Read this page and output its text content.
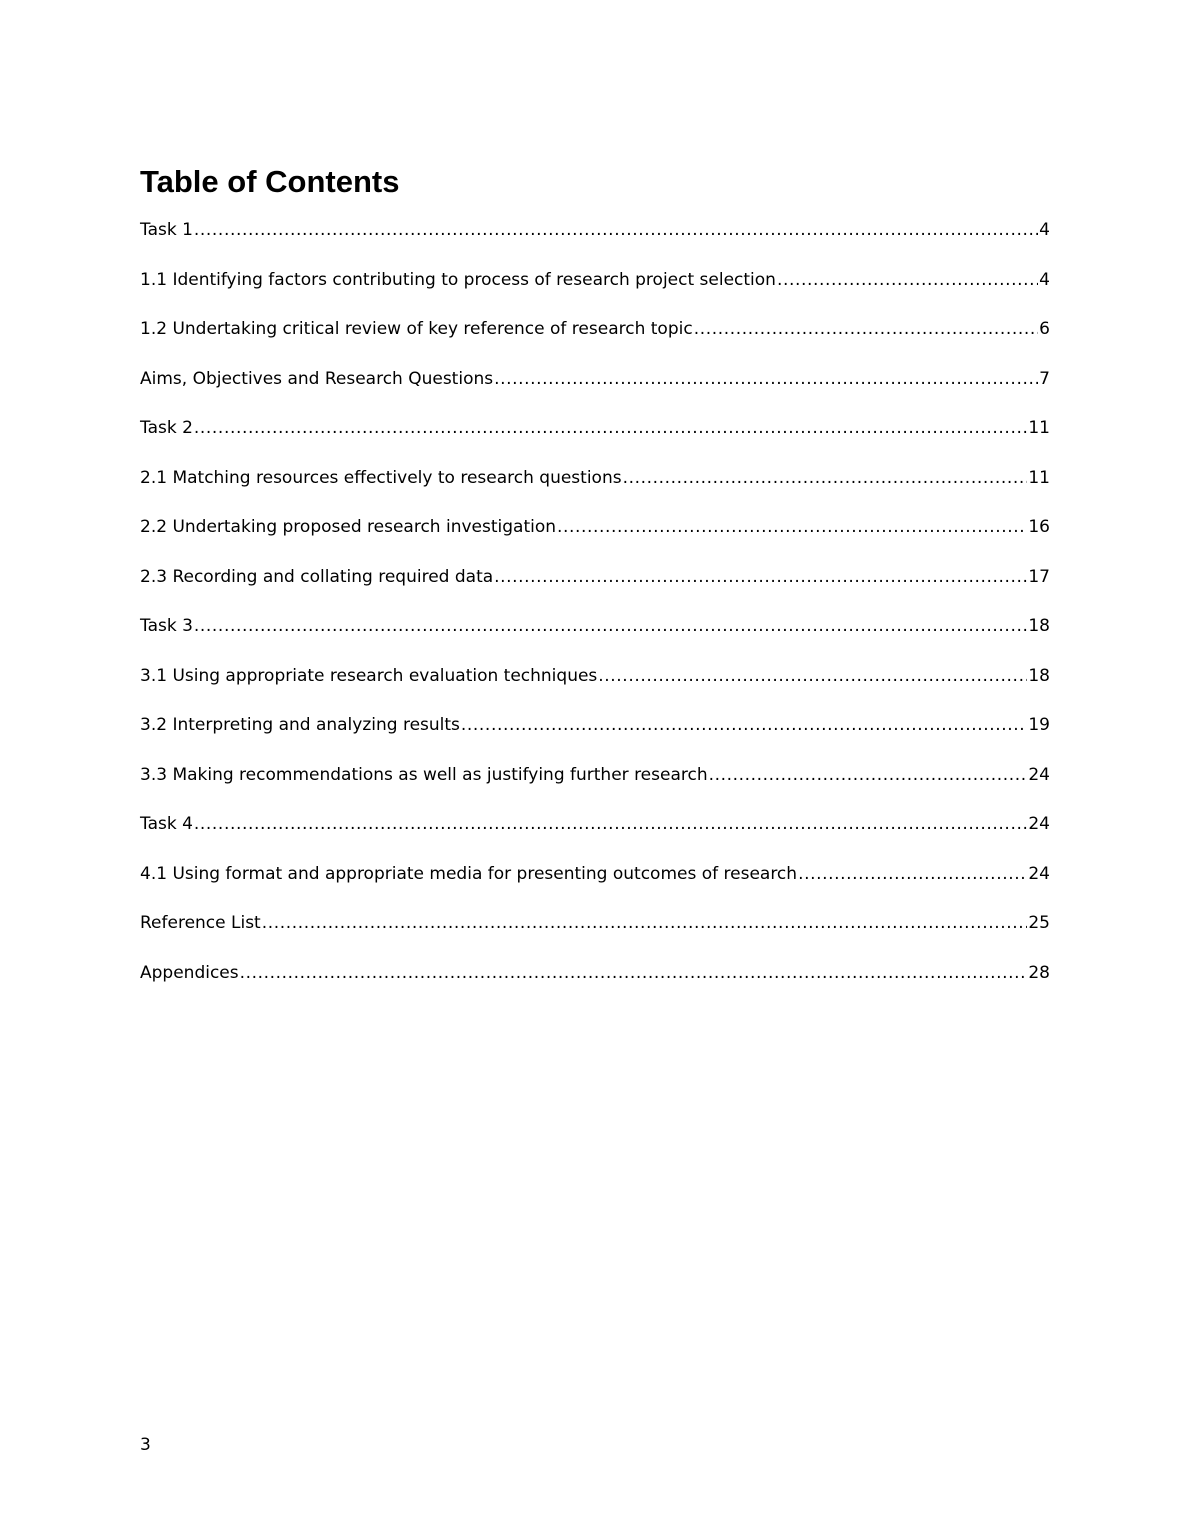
Table of Contents
Task 1 .....	4
1.1 Identifying factors contributing to process of research project selection .....	4
1.2 Undertaking critical review of key reference of research topic .....	6
Aims, Objectives and Research Questions .....	7
Task 2 .....	11
2.1 Matching resources effectively to research questions .....	11
2.2 Undertaking proposed research investigation .....	16
2.3 Recording and collating required data .....	17
Task 3 .....	18
3.1 Using appropriate research evaluation techniques .....	18
3.2 Interpreting and analyzing results .....	19
3.3 Making recommendations as well as justifying further research .....	24
Task 4 .....	24
4.1 Using format and appropriate media for presenting outcomes of research .....	24
Reference List .....	25
Appendices .....	28
3
